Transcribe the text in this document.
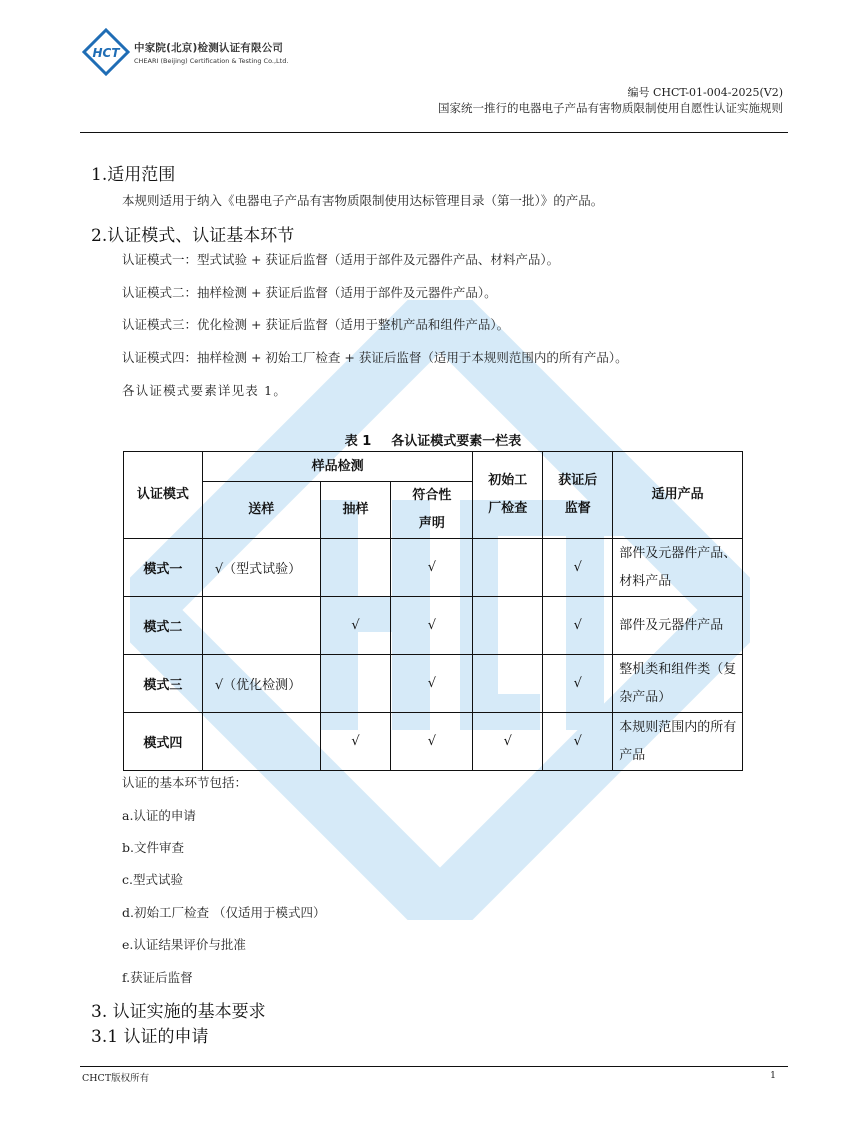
HCT 中家院(北京)检测认证有限公司
CHEARI (Beijing) Certification & Testing Co.,Ltd.
编号 CHCT-01-004-2025(V2)
国家统一推行的电器电子产品有害物质限制使用自愿性认证实施规则
1.适用范围
本规则适用于纳入《电器电子产品有害物质限制使用达标管理目录（第一批）》的产品。
2.认证模式、认证基本环节
认证模式一：型式试验 + 获证后监督（适用于部件及元器件产品、材料产品）。
认证模式二：抽样检测 + 获证后监督（适用于部件及元器件产品）。
认证模式三：优化检测 + 获证后监督（适用于整机产品和组件产品）。
认证模式四：抽样检测 + 初始工厂检查 + 获证后监督（适用于本规则范围内的所有产品）。
各认证模式要素详见表 1。
表 1 各认证模式要素一栏表
认证模式	样品检测			初始工厂检查	获证后监督	适用产品
	送样	抽样	符合性声明			

模式一	√（型式试验）		√		√	部件及元器件产品、材料产品
模式二		√	√		√	部件及元器件产品
模式三	√（优化检测）		√		√	整机类和组件类（复杂产品）
模式四		√	√	√	√	本规则范围内的所有产品
认证的基本环节包括：
a.认证的申请
b.文件审查
c.型式试验
d.初始工厂检查 （仅适用于模式四）
e.认证结果评价与批准
f.获证后监督
3. 认证实施的基本要求
3.1 认证的申请
CHCT版权所有	1
